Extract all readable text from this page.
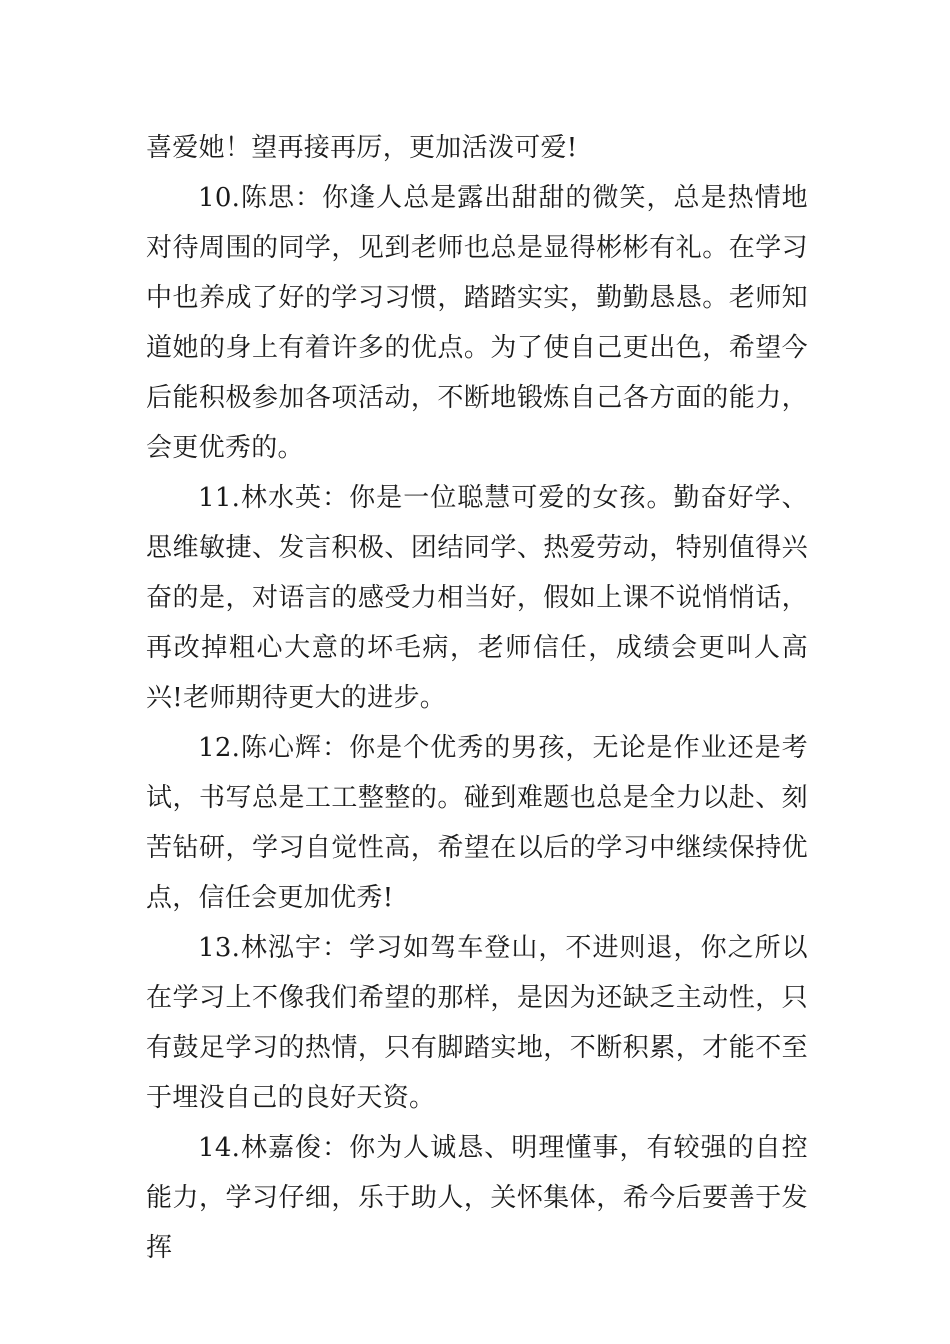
喜爱她！望再接再厉，更加活泼可爱!

10.陈思：你逢人总是露出甜甜的微笑，总是热情地对待周围的同学，见到老师也总是显得彬彬有礼。在学习中也养成了好的学习习惯，踏踏实实，勤勤恳恳。老师知道她的身上有着许多的优点。为了使自己更出色，希望今后能积极参加各项活动，不断地锻炼自己各方面的能力，会更优秀的。

11.林水英：你是一位聪慧可爱的女孩。勤奋好学、思维敏捷、发言积极、团结同学、热爱劳动，特别值得兴奋的是，对语言的感受力相当好，假如上课不说悄悄话，再改掉粗心大意的坏毛病，老师信任，成绩会更叫人高兴!老师期待更大的进步。

12.陈心辉：你是个优秀的男孩，无论是作业还是考试，书写总是工工整整的。碰到难题也总是全力以赴、刻苦钻研，学习自觉性高，希望在以后的学习中继续保持优点，信任会更加优秀!

13.林泓宇：学习如驾车登山，不进则退，你之所以在学习上不像我们希望的那样，是因为还缺乏主动性，只有鼓足学习的热情，只有脚踏实地，不断积累，才能不至于埋没自己的良好天资。

14.林嘉俊：你为人诚恳、明理懂事，有较强的自控能力，学习仔细，乐于助人，关怀集体，希今后要善于发挥
